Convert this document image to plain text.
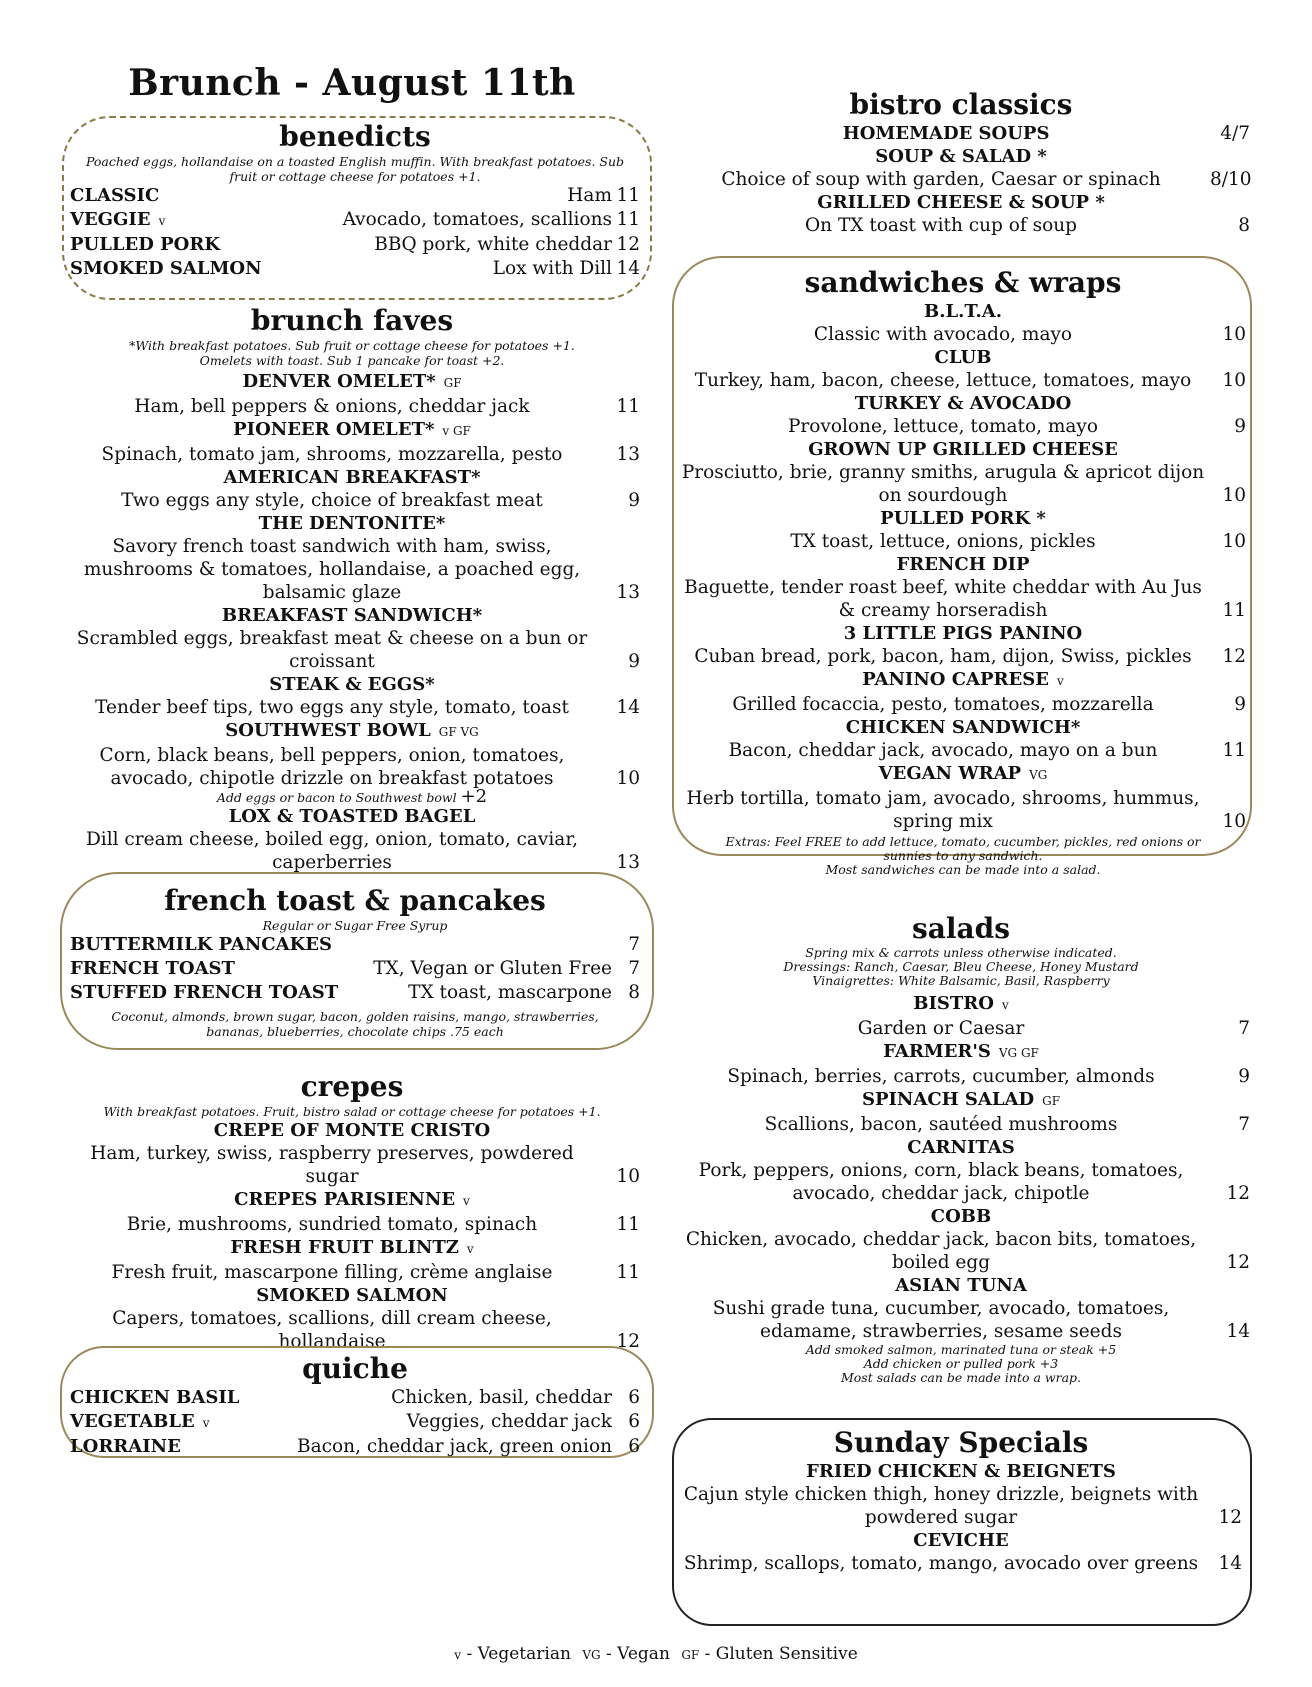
Brunch - August 11th
benedicts
Poached eggs, hollandaise on a toasted English muffin. With breakfast potatoes. Sub fruit or cottage cheese for potatoes +1.
CLASSIC	Ham 11
VEGGIE v	Avocado, tomatoes, scallions 11
PULLED PORK	BBQ pork, white cheddar 12
SMOKED SALMON	Lox with Dill 14
brunch faves
*With breakfast potatoes. Sub fruit or cottage cheese for potatoes +1. Omelets with toast. Sub 1 pancake for toast +2.
DENVER OMELET* GF
Ham, bell peppers & onions, cheddar jack	11
PIONEER OMELET* v GF
Spinach, tomato jam, shrooms, mozzarella, pesto	13
AMERICAN BREAKFAST*
Two eggs any style, choice of breakfast meat	9
THE DENTONITE*
Savory french toast sandwich with ham, swiss, mushrooms & tomatoes, hollandaise, a poached egg, balsamic glaze	13
BREAKFAST SANDWICH*
Scrambled eggs, breakfast meat & cheese on a bun or croissant	9
STEAK & EGGS*
Tender beef tips, two eggs any style, tomato, toast	14
SOUTHWEST BOWL GF VG
Corn, black beans, bell peppers, onion, tomatoes, avocado, chipotle drizzle on breakfast potatoes	10
Add eggs or bacon to Southwest bowl +2
LOX & TOASTED BAGEL
Dill cream cheese, boiled egg, onion, tomato, caviar, caperberries	13
french toast & pancakes
Regular or Sugar Free Syrup
BUTTERMILK PANCAKES	7
FRENCH TOAST	TX, Vegan or Gluten Free 7
STUFFED FRENCH TOAST	TX toast, mascarpone 8
Coconut, almonds, brown sugar, bacon, golden raisins, mango, strawberries, bananas, blueberries, chocolate chips .75 each
crepes
With breakfast potatoes. Fruit, bistro salad or cottage cheese for potatoes +1.
CREPE OF MONTE CRISTO
Ham, turkey, swiss, raspberry preserves, powdered sugar	10
CREPES PARISIENNE v
Brie, mushrooms, sundried tomato, spinach	11
FRESH FRUIT BLINTZ v
Fresh fruit, mascarpone filling, crème anglaise	11
SMOKED SALMON
Capers, tomatoes, scallions, dill cream cheese, hollandaise	12
quiche
CHICKEN BASIL	Chicken, basil, cheddar 6
VEGETABLE v	Veggies, cheddar jack 6
LORRAINE	Bacon, cheddar jack, green onion 6
bistro classics
HOMEMADE SOUPS	4/7
SOUP & SALAD *
Choice of soup with garden, Caesar or spinach	8/10
GRILLED CHEESE & SOUP *
On TX toast with cup of soup	8
sandwiches & wraps
B.L.T.A.
Classic with avocado, mayo	10
CLUB
Turkey, ham, bacon, cheese, lettuce, tomatoes, mayo	10
TURKEY & AVOCADO
Provolone, lettuce, tomato, mayo	9
GROWN UP GRILLED CHEESE
Prosciutto, brie, granny smiths, arugula & apricot dijon on sourdough	10
PULLED PORK *
TX toast, lettuce, onions, pickles	10
FRENCH DIP
Baguette, tender roast beef, white cheddar with Au Jus & creamy horseradish	11
3 LITTLE PIGS PANINO
Cuban bread, pork, bacon, ham, dijon, Swiss, pickles	12
PANINO CAPRESE v
Grilled focaccia, pesto, tomatoes, mozzarella	9
CHICKEN SANDWICH*
Bacon, cheddar jack, avocado, mayo on a bun	11
VEGAN WRAP VG
Herb tortilla, tomato jam, avocado, shrooms, hummus, spring mix	10
Extras: Feel FREE to add lettuce, tomato, cucumber, pickles, red onions or sunnies to any sandwich.
Most sandwiches can be made into a salad.
salads
Spring mix & carrots unless otherwise indicated.
Dressings: Ranch, Caesar, Bleu Cheese, Honey Mustard
Vinaigrettes: White Balsamic, Basil, Raspberry
BISTRO v
Garden or Caesar	7
FARMER'S VG GF
Spinach, berries, carrots, cucumber, almonds	9
SPINACH SALAD GF
Scallions, bacon, sautéed mushrooms	7
CARNITAS
Pork, peppers, onions, corn, black beans, tomatoes, avocado, cheddar jack, chipotle	12
COBB
Chicken, avocado, cheddar jack, bacon bits, tomatoes, boiled egg	12
ASIAN TUNA
Sushi grade tuna, cucumber, avocado, tomatoes, edamame, strawberries, sesame seeds	14
Add smoked salmon, marinated tuna or steak +5
Add chicken or pulled pork +3
Most salads can be made into a wrap.
Sunday Specials
FRIED CHICKEN & BEIGNETS
Cajun style chicken thigh, honey drizzle, beignets with powdered sugar	12
CEVICHE
Shrimp, scallops, tomato, mango, avocado over greens	14
v - Vegetarian VG - Vegan GF - Gluten Sensitive
